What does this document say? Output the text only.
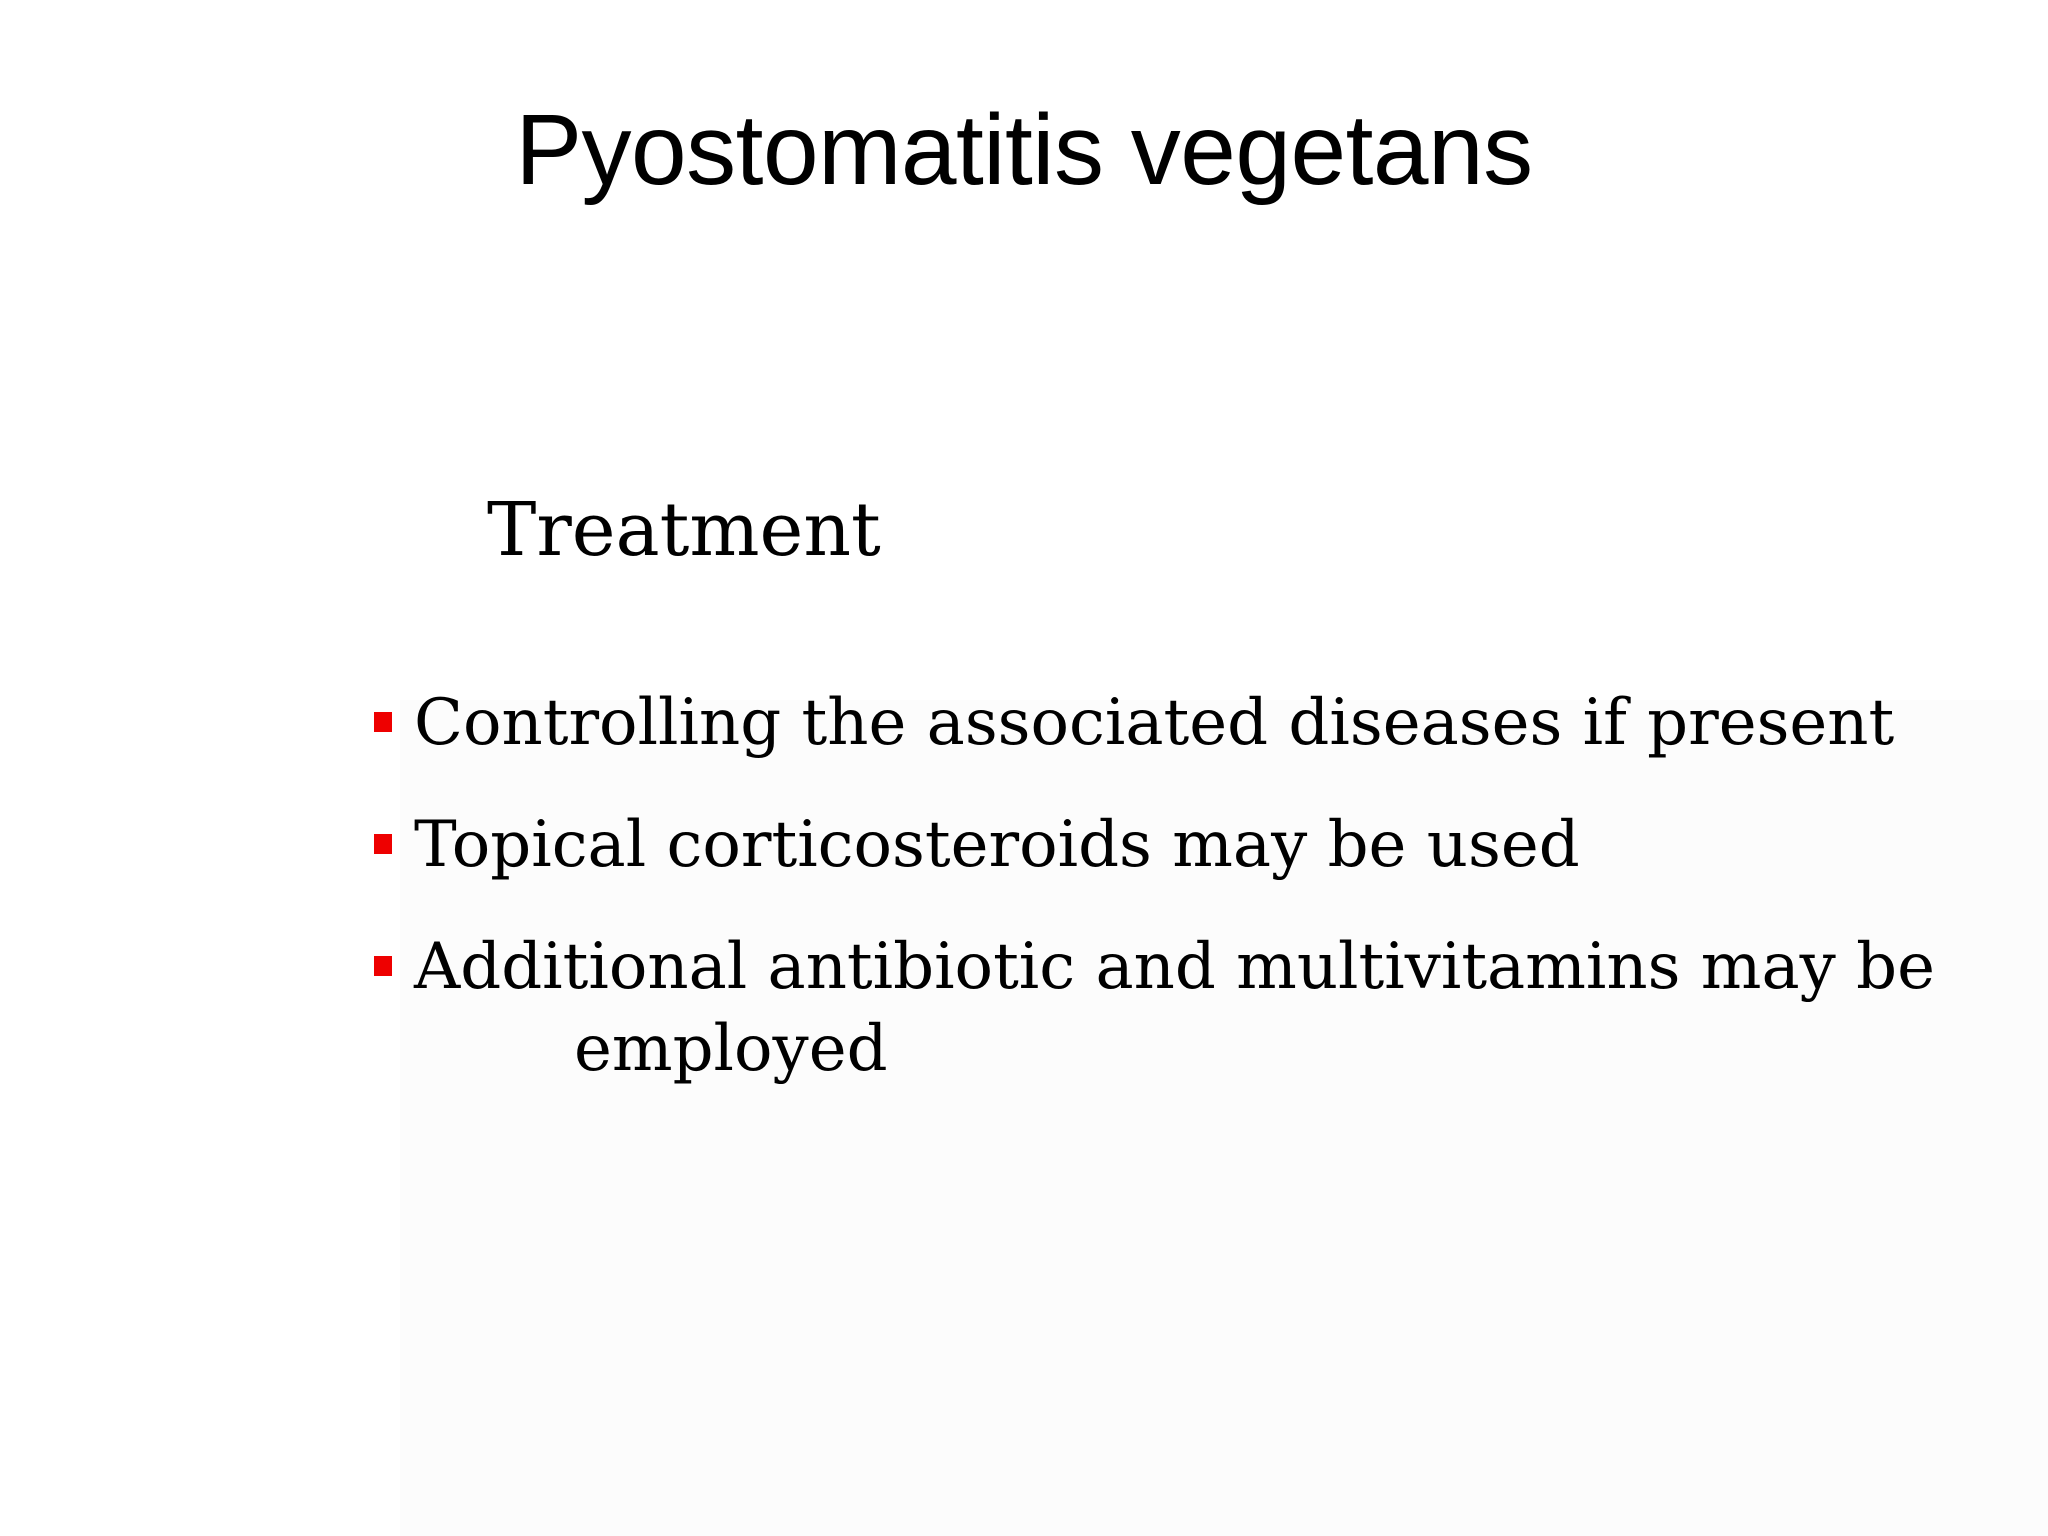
Pyostomatitis vegetans
Treatment
Controlling the associated diseases if present
Topical corticosteroids may be used
Additional antibiotic and multivitamins may be
employed
